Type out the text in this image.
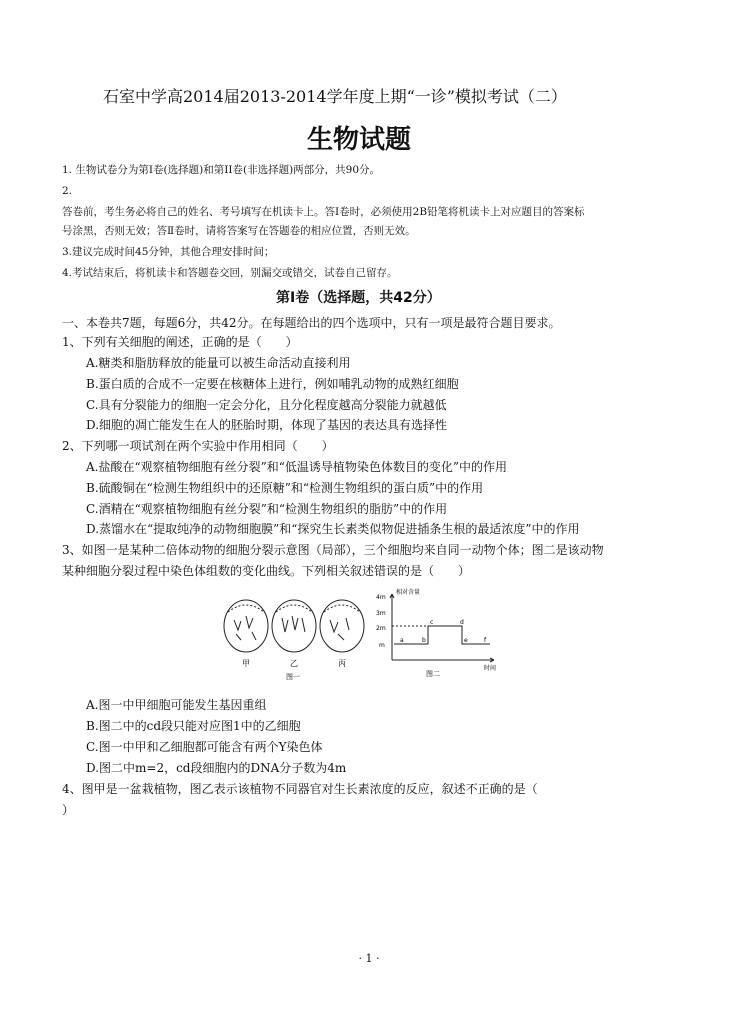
石室中学高2014届2013-2014学年度上期“一诊”模拟考试（二）
生物试题
1. 生物试卷分为第I卷(选择题)和第II卷(非选择题)两部分，共90分。
2.
答卷前，考生务必将自己的姓名、考号填写在机读卡上。答Ⅰ卷时，必须使用2B铅笔将机读卡上对应题目的答案标
号涂黑，否则无效；答Ⅱ卷时，请将答案写在答题卷的相应位置，否则无效。
3.建议完成时间45分钟，其他合理安排时间；
4.考试结束后，将机读卡和答题卷交回，别漏交或错交，试卷自己留存。
第I卷（选择题，共42分）
一、本卷共7题，每题6分，共42分。在每题给出的四个选项中，只有一项是最符合题目要求。
1、下列有关细胞的阐述，正确的是（　　）
A.糖类和脂肪释放的能量可以被生命活动直接利用
B.蛋白质的合成不一定要在核糖体上进行，例如哺乳动物的成熟红细胞
C.具有分裂能力的细胞一定会分化，且分化程度越高分裂能力就越低
D.细胞的凋亡能发生在人的胚胎时期，体现了基因的表达具有选择性
2、下列哪一项试剂在两个实验中作用相同（　　）
A.盐酸在“观察植物细胞有丝分裂”和“低温诱导植物染色体数目的变化”中的作用
B.硫酸铜在“检测生物组织中的还原糖”和“检测生物组织的蛋白质”中的作用
C.酒精在“观察植物细胞有丝分裂”和“检测生物组织的脂肪”中的作用
D.蒸馏水在“提取纯净的动物细胞膜”和“探究生长素类似物促进插条生根的最适浓度”中的作用
3、如图一是某种二倍体动物的细胞分裂示意图（局部），三个细胞均来自同一动物个体；图二是该动物
某种细胞分裂过程中染色体组数的变化曲线。下列相关叙述错误的是（　　）
甲	乙	丙
图一
相对含量
4m
3m
2m
m
a	b
c	d
e	f
时间
图二
A.图一中甲细胞可能发生基因重组
B.图二中的cd段只能对应图1中的乙细胞
C.图一中甲和乙细胞都可能含有两个Y染色体
D.图二中m=2，cd段细胞内的DNA分子数为4m
4、图甲是一盆栽植物，图乙表示该植物不同器官对生长素浓度的反应，叙述不正确的是（
）
· 1 ·
